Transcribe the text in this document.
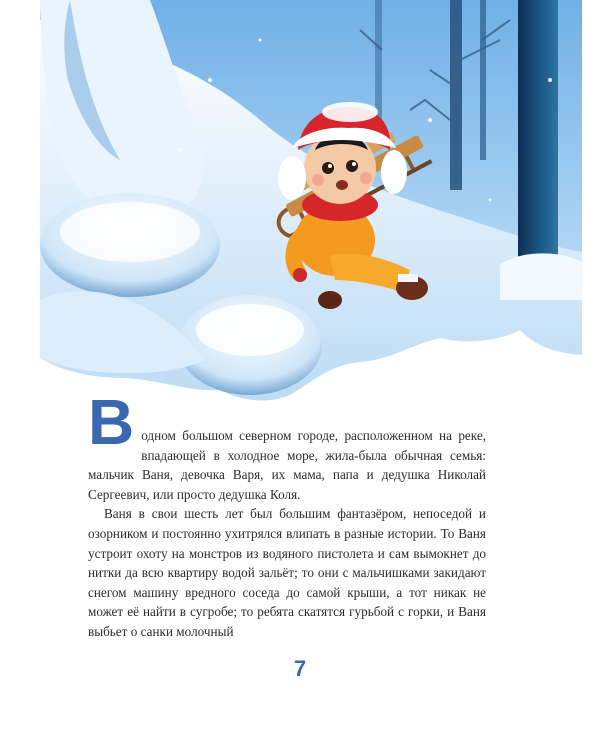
В одном большом северном городе, расположенном на реке, впадающей в холодное море, жила-была обычная семья: мальчик Ваня, девочка Варя, их мама, папа и дедушка Николай Сергеевич, или просто дедушка Коля.

Ваня в свои шесть лет был большим фантазёром, непоседой и озорником и постоянно ухитрялся влипать в разные истории. То Ваня устроит охоту на монстров из водяного пистолета и сам вымокнет до нитки да всю квартиру водой зальёт; то они с мальчишками закидают снегом машину вредного соседа до самой крыши, а тот никак не может её найти в сугробе; то ребята скатятся гурьбой с горки, и Ваня выбьет о санки молочный

7
